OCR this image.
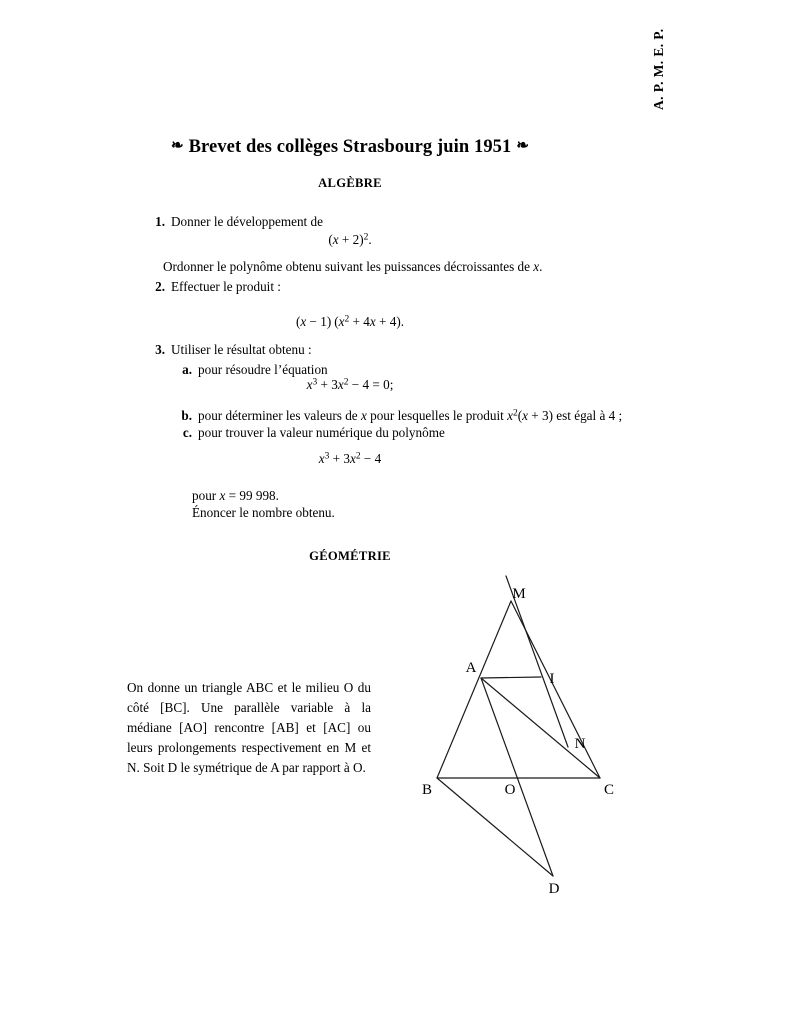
A. P. M. E. P.
❧ Brevet des collèges Strasbourg juin 1951 ❧
ALGÈBRE
1. Donner le développement de
$(x + 2)^2$.
Ordonner le polynôme obtenu suivant les puissances décroissantes de x.
2. Effectuer le produit :
(x − 1) $(x^2 + 4x + 4)$.
3. Utiliser le résultat obtenu :
a. pour résoudre l’équation
$x^3 + 3x^2 - 4 = 0$;
b. pour déterminer les valeurs de x pour lesquelles le produit $x^2(x + 3)$ est égal à 4 ;
c. pour trouver la valeur numérique du polynôme
$x^3 + 3x^2 - 4$
pour x = 99 998.
Énoncer le nombre obtenu.
GÉOMÉTRIE
On donne un triangle ABC et le milieu O du côté [BC]. Une parallèle variable à la médiane [AO] rencontre [AB] et [AC] ou leurs prolongements respectivement en M et N. Soit D le symétrique de A par rapport à O.
M
A
I
N
B	O	C
D
